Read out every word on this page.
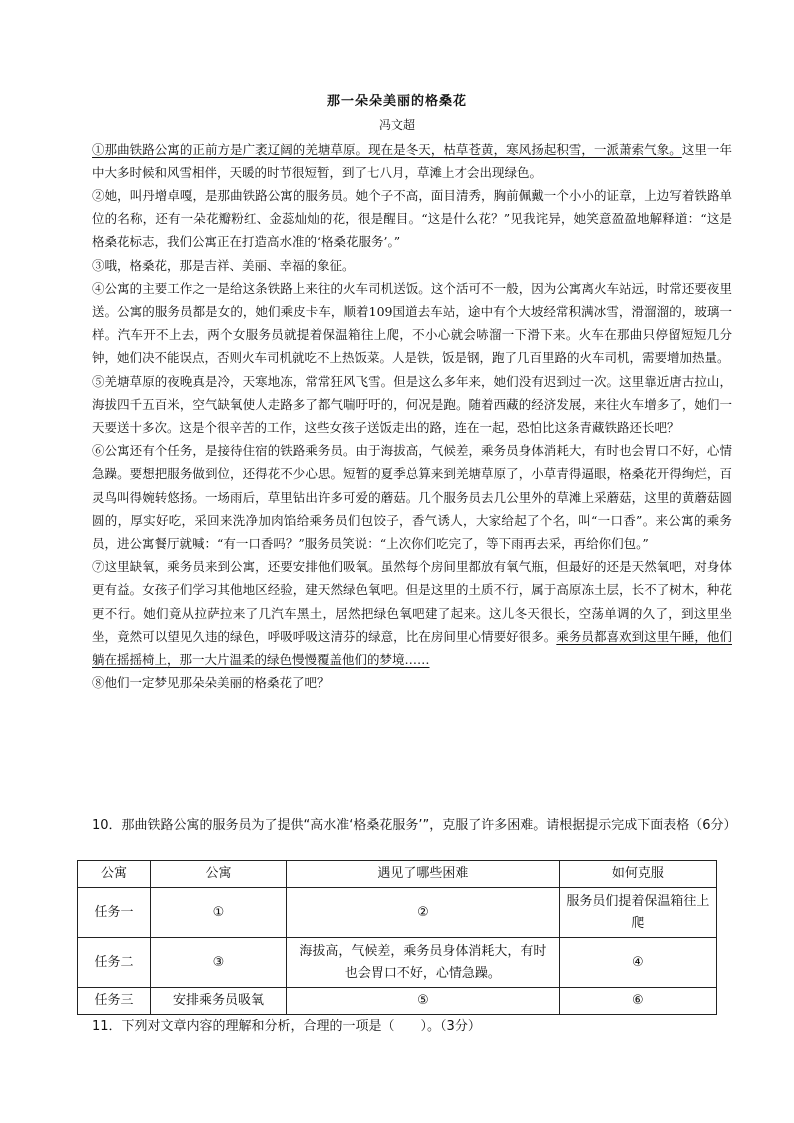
那一朵朵美丽的格桑花
冯文超

①那曲铁路公寓的正前方是广袤辽阔的羌塘草原。现在是冬天，枯草苍黄，寒风扬起积雪，一派萧索气象。这里一年中大多时候和风雪相伴，天暖的时节很短暂，到了七八月，草滩上才会出现绿色。

②她，叫丹增卓嘎，是那曲铁路公寓的服务员。她个子不高，面目清秀，胸前佩戴一个小小的证章，上边写着铁路单位的名称，还有一朵花瓣粉红、金蕊灿灿的花，很是醒目。“这是什么花？”见我诧异，她笑意盈盈地解释道：“这是格桑花标志，我们公寓正在打造高水准的‘格桑花服务’。”

③哦，格桑花，那是吉祥、美丽、幸福的象征。

④公寓的主要工作之一是给这条铁路上来往的火车司机送饭。这个活可不一般，因为公寓离火车站远，时常还要夜里送。公寓的服务员都是女的，她们乘皮卡车，顺着109国道去车站，途中有个大坡经常积满冰雪，滑溜溜的，玻璃一样。汽车开不上去，两个女服务员就提着保温箱往上爬，不小心就会哧溜一下滑下来。火车在那曲只停留短短几分钟，她们决不能误点，否则火车司机就吃不上热饭菜。人是铁，饭是钢，跑了几百里路的火车司机，需要增加热量。

⑤羌塘草原的夜晚真是冷，天寒地冻，常常狂风飞雪。但是这么多年来，她们没有迟到过一次。这里靠近唐古拉山，海拔四千五百米，空气缺氧使人走路多了都气喘吁吁的，何况是跑。随着西藏的经济发展，来往火车增多了，她们一天要送十多次。这是个很辛苦的工作，这些女孩子送饭走出的路，连在一起，恐怕比这条青藏铁路还长吧？

⑥公寓还有个任务，是接待住宿的铁路乘务员。由于海拔高，气候差，乘务员身体消耗大，有时也会胃口不好，心情急躁。要想把服务做到位，还得花不少心思。短暂的夏季总算来到羌塘草原了，小草青得逼眼，格桑花开得绚烂，百灵鸟叫得婉转悠扬。一场雨后，草里钻出许多可爱的蘑菇。几个服务员去几公里外的草滩上采蘑菇，这里的黄蘑菇圆圆的，厚实好吃，采回来洗净加肉馅给乘务员们包饺子，香气诱人，大家给起了个名，叫“一口香”。来公寓的乘务员，进公寓餐厅就喊：“有一口香吗？”服务员笑说：“上次你们吃完了，等下雨再去采，再给你们包。”

⑦这里缺氧，乘务员来到公寓，还要安排他们吸氧。虽然每个房间里都放有氧气瓶，但最好的还是天然氧吧，对身体更有益。女孩子们学习其他地区经验，建天然绿色氧吧。但是这里的土质不行，属于高原冻土层，长不了树木，种花更不行。她们竟从拉萨拉来了几汽车黑土，居然把绿色氧吧建了起来。这儿冬天很长，空荡单调的久了，到这里坐坐，竟然可以望见久违的绿色，呼吸呼吸这清芬的绿意，比在房间里心情要好很多。乘务员都喜欢到这里午睡，他们躺在摇摇椅上，那一大片温柔的绿色慢慢覆盖他们的梦境……

⑧他们一定梦见那朵朵美丽的格桑花了吧？

10．那曲铁路公寓的服务员为了提供“高水准‘格桑花服务’”，克服了许多困难。请根据提示完成下面表格（6分）
公寓	公寓	遇见了哪些困难	如何克服
任务一	①	②	服务员们提着保温箱往上爬
任务二	③	海拔高，气候差，乘务员身体消耗大，有时也会胃口不好，心情急躁。	④
任务三	安排乘务员吸氧	⑤	⑥
11．下列对文章内容的理解和分析，合理的一项是（　　）。（3分）
